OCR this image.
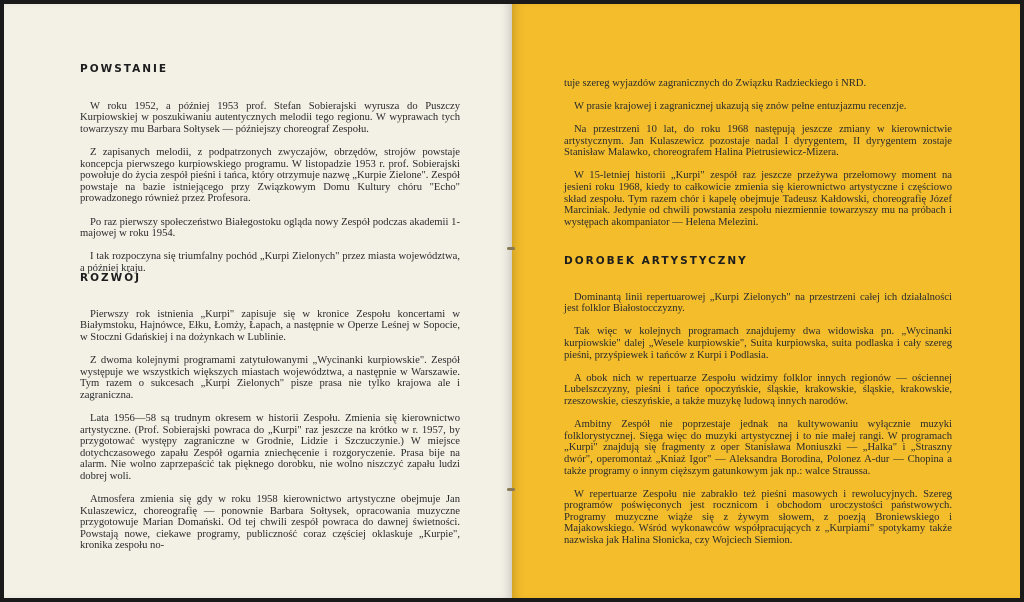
POWSTANIE

W roku 1952, a później 1953 prof. Stefan Sobierajski wyrusza do Puszczy Kurpiowskiej w poszukiwaniu autentycznych melodii tego regionu. W wyprawach tych towarzyszy mu Barbara Sołtysek — późniejszy choreograf Zespołu.

Z zapisanych melodii, z podpatrzonych zwyczajów, obrzędów, strojów powstaje koncepcja pierwszego kurpiowskiego programu. W listopadzie 1953 r. prof. Sobierajski powołuje do życia zespół pieśni i tańca, który otrzymuje nazwę „Kurpie Zielone". Zespół powstaje na bazie istniejącego przy Związkowym Domu Kultury chóru "Echo" prowadzonego również przez Profesora.

Po raz pierwszy społeczeństwo Białegostoku ogląda nowy Zespół podczas akademii 1-majowej w roku 1954.

I tak rozpoczyna się triumfalny pochód „Kurpi Zielonych" przez miasta województwa, a później kraju.

ROZWÓJ

Pierwszy rok istnienia „Kurpi" zapisuje się w kronice Zespołu koncertami w Białymstoku, Hajnówce, Ełku, Łomży, Łapach, a następnie w Operze Leśnej w Sopocie, w Stoczni Gdańskiej i na dożynkach w Lublinie.

Z dwoma kolejnymi programami zatytułowanymi „Wycinanki kurpiowskie". Zespół występuje we wszystkich większych miastach województwa, a następnie w Warszawie. Tym razem o sukcesach „Kurpi Zielonych" pisze prasa nie tylko krajowa ale i zagraniczna.

Lata 1956—58 są trudnym okresem w historii Zespołu. Zmienia się kierownictwo artystyczne. (Prof. Sobierajski powraca do „Kurpi" raz jeszcze na krótko w r. 1957, by przygotować występy zagraniczne w Grodnie, Lidzie i Szczuczynie.) W miejsce dotychczasowego zapału Zespół ogarnia zniechęcenie i rozgoryczenie. Prasa bije na alarm. Nie wolno zaprzepaścić tak pięknego dorobku, nie wolno niszczyć zapału ludzi dobrej woli.

Atmosfera zmienia się gdy w roku 1958 kierownictwo artystyczne obejmuje Jan Kulaszewicz, choreografię — ponownie Barbara Sołtysek, opracowania muzyczne przygotowuje Marian Domański. Od tej chwili zespół powraca do dawnej świetności. Powstają nowe, ciekawe programy, publiczność coraz częściej oklaskuje „Kurpie", kronika zespołu no-

tuje szereg wyjazdów zagranicznych do Związku Radzieckiego i NRD.

W prasie krajowej i zagranicznej ukazują się znów pełne entuzjazmu recenzje.

Na przestrzeni 10 lat, do roku 1968 następują jeszcze zmiany w kierownictwie artystycznym. Jan Kulaszewicz pozostaje nadal I dyrygentem, II dyrygentem zostaje Stanisław Malawko, choreografem Halina Pietrusiewicz-Mizera.

W 15-letniej historii „Kurpi" zespół raz jeszcze przeżywa przełomowy moment na jesieni roku 1968, kiedy to całkowicie zmienia się kierownictwo artystyczne i częściowo skład zespołu. Tym razem chór i kapelę obejmuje Tadeusz Kałdowski, choreografię Józef Marciniak. Jedynie od chwili powstania zespołu niezmiennie towarzyszy mu na próbach i występach akompaniator — Helena Melezini.

DOROBEK ARTYSTYCZNY

Dominantą linii repertuarowej „Kurpi Zielonych" na przestrzeni całej ich działalności jest folklor Białostocczyzny.

Tak więc w kolejnych programach znajdujemy dwa widowiska pn. „Wycinanki kurpiowskie" dalej „Wesele kurpiowskie", Suita kurpiowska, suita podlaska i cały szereg pieśni, przyśpiewek i tańców z Kurpi i Podlasia.

A obok nich w repertuarze Zespołu widzimy folklor innych regionów — ościennej Lubelszczyzny, pieśni i tańce opoczyńskie, śląskie, krakowskie, śląskie, krakowskie, rzeszowskie, cieszyńskie, a także muzykę ludową innych narodów.

Ambitny Zespół nie poprzestaje jednak na kultywowaniu wyłącznie muzyki folklorystycznej. Sięga więc do muzyki artystycznej i to nie małej rangi. W programach „Kurpi" znajdują się fragmenty z oper Stanisława Moniuszki — „Halka" i „Straszny dwór", operomontaż „Kniaź Igor" — Aleksandra Borodina, Polonez A-dur — Chopina a także programy o innym cięższym gatunkowym jak np.: walce Straussa.

W repertuarze Zespołu nie zabrakło też pieśni masowych i rewolucyjnych. Szereg programów poświęconych jest rocznicom i obchodom uroczystości państwowych. Programy muzyczne wiąże się z żywym słowem, z poezją Broniewskiego i Majakowskiego. Wśród wykonawców współpracujących z „Kurpiami" spotykamy także nazwiska jak Halina Słonicka, czy Wojciech Siemion.
